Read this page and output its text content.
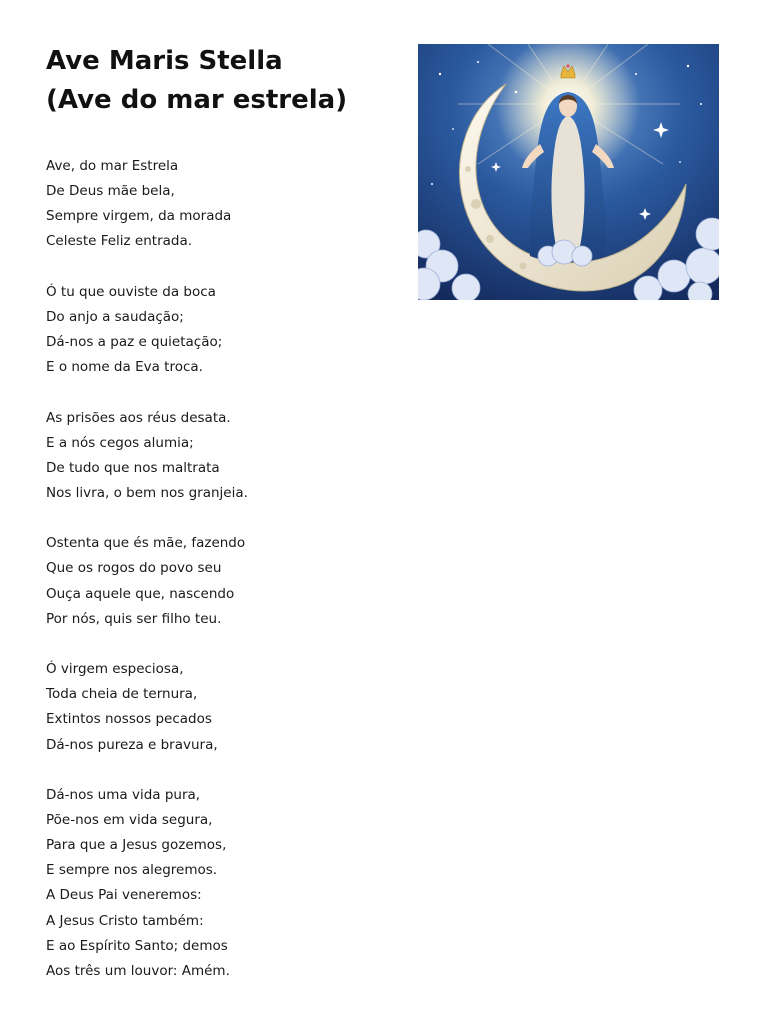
Ave Maris Stella
(Ave do mar estrela)
Ave, do mar Estrela
De Deus mãe bela,
Sempre virgem, da morada
Celeste Feliz entrada.
Ó tu que ouviste da boca
Do anjo a saudação;
Dá-nos a paz e quietação;
E o nome da Eva troca.
As prisões aos réus desata.
E a nós cegos alumia;
De tudo que nos maltrata
Nos livra, o bem nos granjeia.
Ostenta que és mãe, fazendo
Que os rogos do povo seu
Ouça aquele que, nascendo
Por nós, quis ser filho teu.
Ó virgem especiosa,
Toda cheia de ternura,
Extintos nossos pecados
Dá-nos pureza e bravura,
Dá-nos uma vida pura,
Põe-nos em vida segura,
Para que a Jesus gozemos,
E sempre nos alegremos.
A Deus Pai veneremos:
A Jesus Cristo também:
E ao Espírito Santo; demos
Aos três um louvor: Amém.
